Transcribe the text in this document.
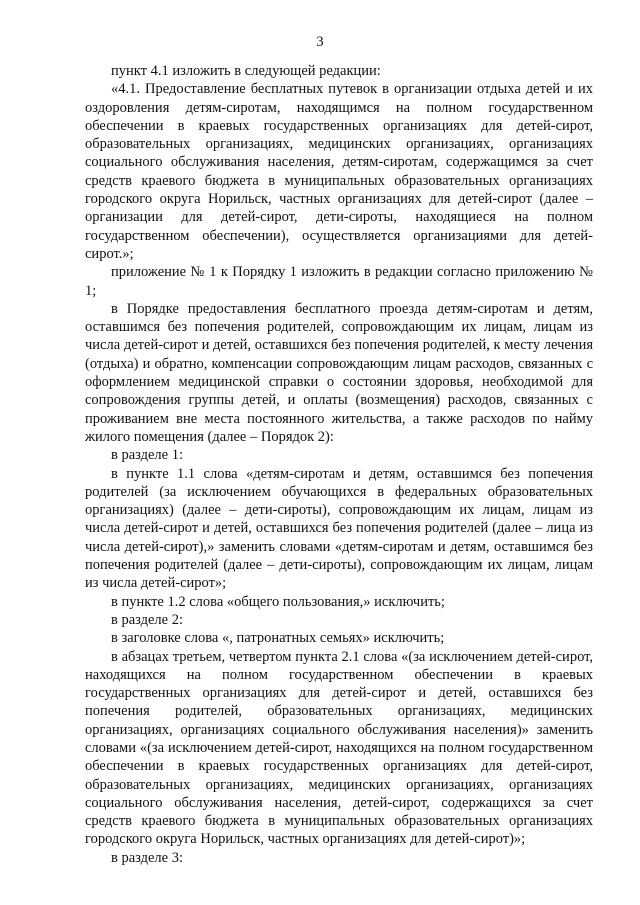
3

пункт 4.1 изложить в следующей редакции:

«4.1. Предоставление бесплатных путевок в организации отдыха детей и их оздоровления детям-сиротам, находящимся на полном государственном обеспечении в краевых государственных организациях для детей-сирот, образовательных организациях, медицинских организациях, организациях социального обслуживания населения, детям-сиротам, содержащимся за счет средств краевого бюджета в муниципальных образовательных организациях городского округа Норильск, частных организациях для детей-сирот (далее – организации для детей-сирот, дети-сироты, находящиеся на полном государственном обеспечении), осуществляется организациями для детей-сирот.»;

приложение № 1 к Порядку 1 изложить в редакции согласно приложению № 1;

в Порядке предоставления бесплатного проезда детям-сиротам и детям, оставшимся без попечения родителей, сопровождающим их лицам, лицам из числа детей-сирот и детей, оставшихся без попечения родителей, к месту лечения (отдыха) и обратно, компенсации сопровождающим лицам расходов, связанных с оформлением медицинской справки о состоянии здоровья, необходимой для сопровождения группы детей, и оплаты (возмещения) расходов, связанных с проживанием вне места постоянного жительства, а также расходов по найму жилого помещения (далее – Порядок 2):

в разделе 1:

в пункте 1.1 слова «детям-сиротам и детям, оставшимся без попечения родителей (за исключением обучающихся в федеральных образовательных организациях) (далее – дети-сироты), сопровождающим их лицам, лицам из числа детей-сирот и детей, оставшихся без попечения родителей (далее – лица из числа детей-сирот),» заменить словами «детям-сиротам и детям, оставшимся без попечения родителей (далее – дети-сироты), сопровождающим их лицам, лицам из числа детей-сирот»;

в пункте 1.2 слова «общего пользования,» исключить;

в разделе 2:

в заголовке слова «, патронатных семьях» исключить;

в абзацах третьем, четвертом пункта 2.1 слова «(за исключением детей-сирот, находящихся на полном государственном обеспечении в краевых государственных организациях для детей-сирот и детей, оставшихся без попечения родителей, образовательных организациях, медицинских организациях, организациях социального обслуживания населения)» заменить словами «(за исключением детей-сирот, находящихся на полном государственном обеспечении в краевых государственных организациях для детей-сирот, образовательных организациях, медицинских организациях, организациях социального обслуживания населения, детей-сирот, содержащихся за счет средств краевого бюджета в муниципальных образовательных организациях городского округа Норильск, частных организациях для детей-сирот)»;

в разделе 3:
